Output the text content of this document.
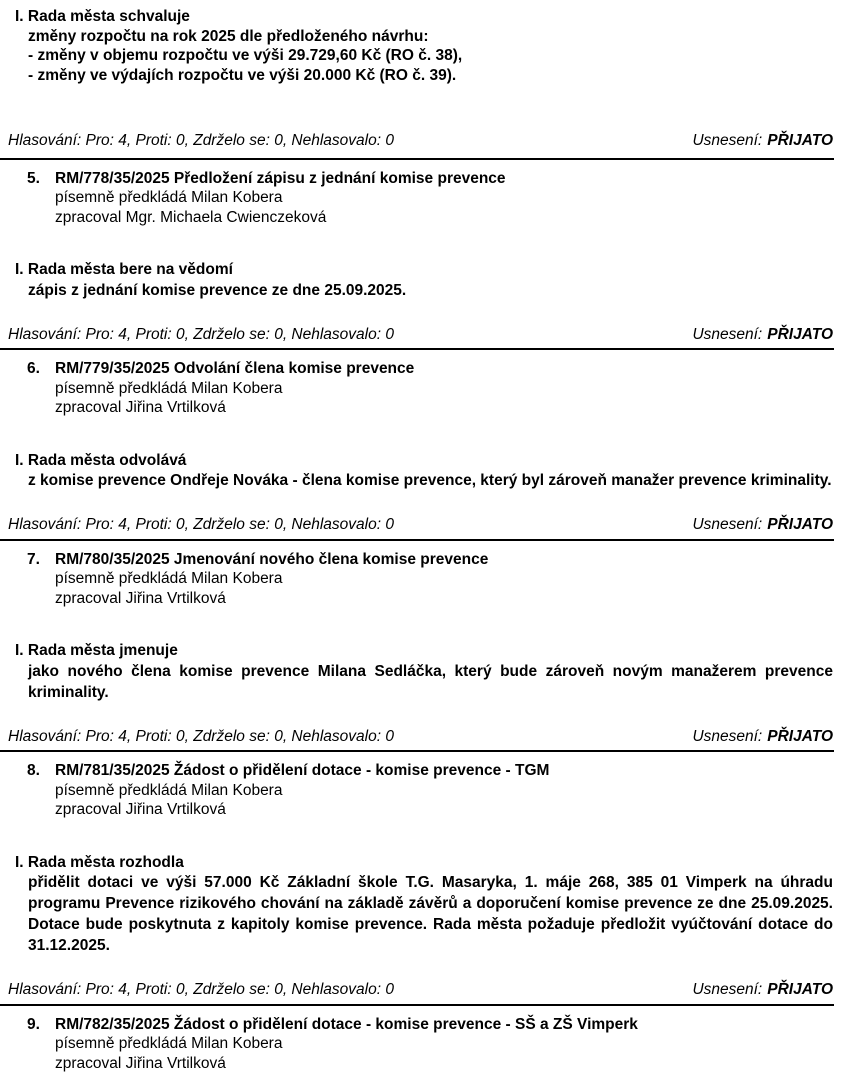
I. Rada města schvaluje
změny rozpočtu na rok 2025 dle předloženého návrhu:
- změny v objemu rozpočtu ve výši 29.729,60 Kč (RO č. 38),
- změny ve výdajích rozpočtu ve výši 20.000 Kč (RO č. 39).
Hlasování: Pro: 4, Proti: 0, Zdrželo se: 0, Nehlasovalo: 0	Usnesení: PŘIJATO
5. RM/778/35/2025 Předložení zápisu z jednání komise prevence
písemně předkládá Milan Kobera
zpracoval Mgr. Michaela Cwienczeková
I. Rada města bere na vědomí
zápis z jednání komise prevence ze dne 25.09.2025.
Hlasování: Pro: 4, Proti: 0, Zdrželo se: 0, Nehlasovalo: 0	Usnesení: PŘIJATO
6. RM/779/35/2025 Odvolání člena komise prevence
písemně předkládá Milan Kobera
zpracoval Jiřina Vrtilková
I. Rada města odvolává
z komise prevence Ondřeje Nováka - člena komise prevence, který byl zároveň manažer prevence kriminality.
Hlasování: Pro: 4, Proti: 0, Zdrželo se: 0, Nehlasovalo: 0	Usnesení: PŘIJATO
7. RM/780/35/2025 Jmenování nového člena komise prevence
písemně předkládá Milan Kobera
zpracoval Jiřina Vrtilková
I. Rada města jmenuje
jako nového člena komise prevence Milana Sedláčka, který bude zároveň novým manažerem prevence kriminality.
Hlasování: Pro: 4, Proti: 0, Zdrželo se: 0, Nehlasovalo: 0	Usnesení: PŘIJATO
8. RM/781/35/2025 Žádost o přidělení dotace - komise prevence - TGM
písemně předkládá Milan Kobera
zpracoval Jiřina Vrtilková
I. Rada města rozhodla
přidělit dotaci ve výši 57.000 Kč Základní škole T.G. Masaryka, 1. máje 268, 385 01 Vimperk na úhradu programu Prevence rizikového chování na základě závěrů a doporučení komise prevence ze dne 25.09.2025. Dotace bude poskytnuta z kapitoly komise prevence. Rada města požaduje předložit vyúčtování dotace do 31.12.2025.
Hlasování: Pro: 4, Proti: 0, Zdrželo se: 0, Nehlasovalo: 0	Usnesení: PŘIJATO
9. RM/782/35/2025 Žádost o přidělení dotace - komise prevence - SŠ a ZŠ Vimperk
písemně předkládá Milan Kobera
zpracoval Jiřina Vrtilková
